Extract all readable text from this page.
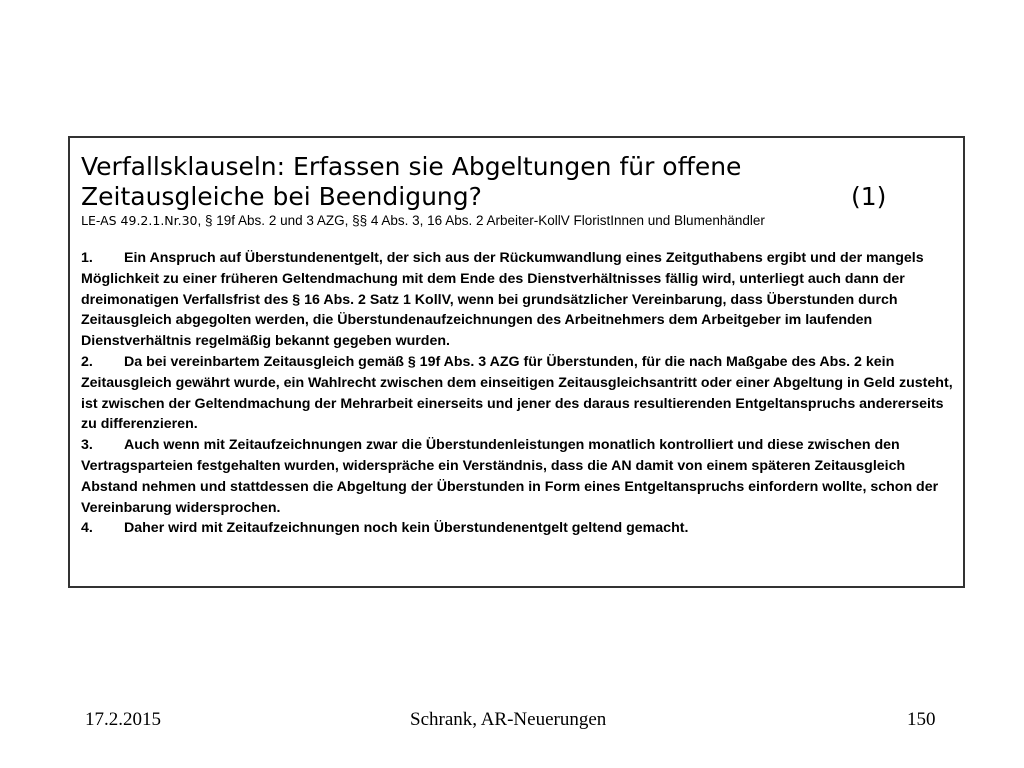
Verfallsklauseln: Erfassen sie Abgeltungen für offene
Zeitausgleiche bei Beendigung?	(1)
LE-AS 49.2.1.Nr.30, § 19f Abs. 2 und 3 AZG, §§ 4 Abs. 3, 16 Abs. 2 Arbeiter-KollV FloristInnen und Blumenhändler

1. Ein Anspruch auf Überstundenentgelt, der sich aus der Rückumwandlung eines Zeitguthabens ergibt und der mangels Möglichkeit zu einer früheren Geltendmachung mit dem Ende des Dienstverhältnisses fällig wird, unterliegt auch dann der dreimonatigen Verfallsfrist des § 16 Abs. 2 Satz 1 KollV, wenn bei grundsätzlicher Vereinbarung, dass Überstunden durch Zeitausgleich abgegolten werden, die Überstundenaufzeichnungen des Arbeitnehmers dem Arbeitgeber im laufenden Dienstverhältnis regelmäßig bekannt gegeben wurden.

2. Da bei vereinbartem Zeitausgleich gemäß § 19f Abs. 3 AZG für Überstunden, für die nach Maßgabe des Abs. 2 kein Zeitausgleich gewährt wurde, ein Wahlrecht zwischen dem einseitigen Zeitausgleichsantritt oder einer Abgeltung in Geld zusteht, ist zwischen der Geltendmachung der Mehrarbeit einerseits und jener des daraus resultierenden Entgeltanspruchs andererseits zu differenzieren.

3. Auch wenn mit Zeitaufzeichnungen zwar die Überstundenleistungen monatlich kontrolliert und diese zwischen den Vertragsparteien festgehalten wurden, widerspräche ein Verständnis, dass die AN damit von einem späteren Zeitausgleich Abstand nehmen und stattdessen die Abgeltung der Überstunden in Form eines Entgeltanspruchs einfordern wollte, schon der Vereinbarung widersprochen.

4. Daher wird mit Zeitaufzeichnungen noch kein Überstundenentgelt geltend gemacht.

17.2.2015	Schrank, AR-Neuerungen	150
